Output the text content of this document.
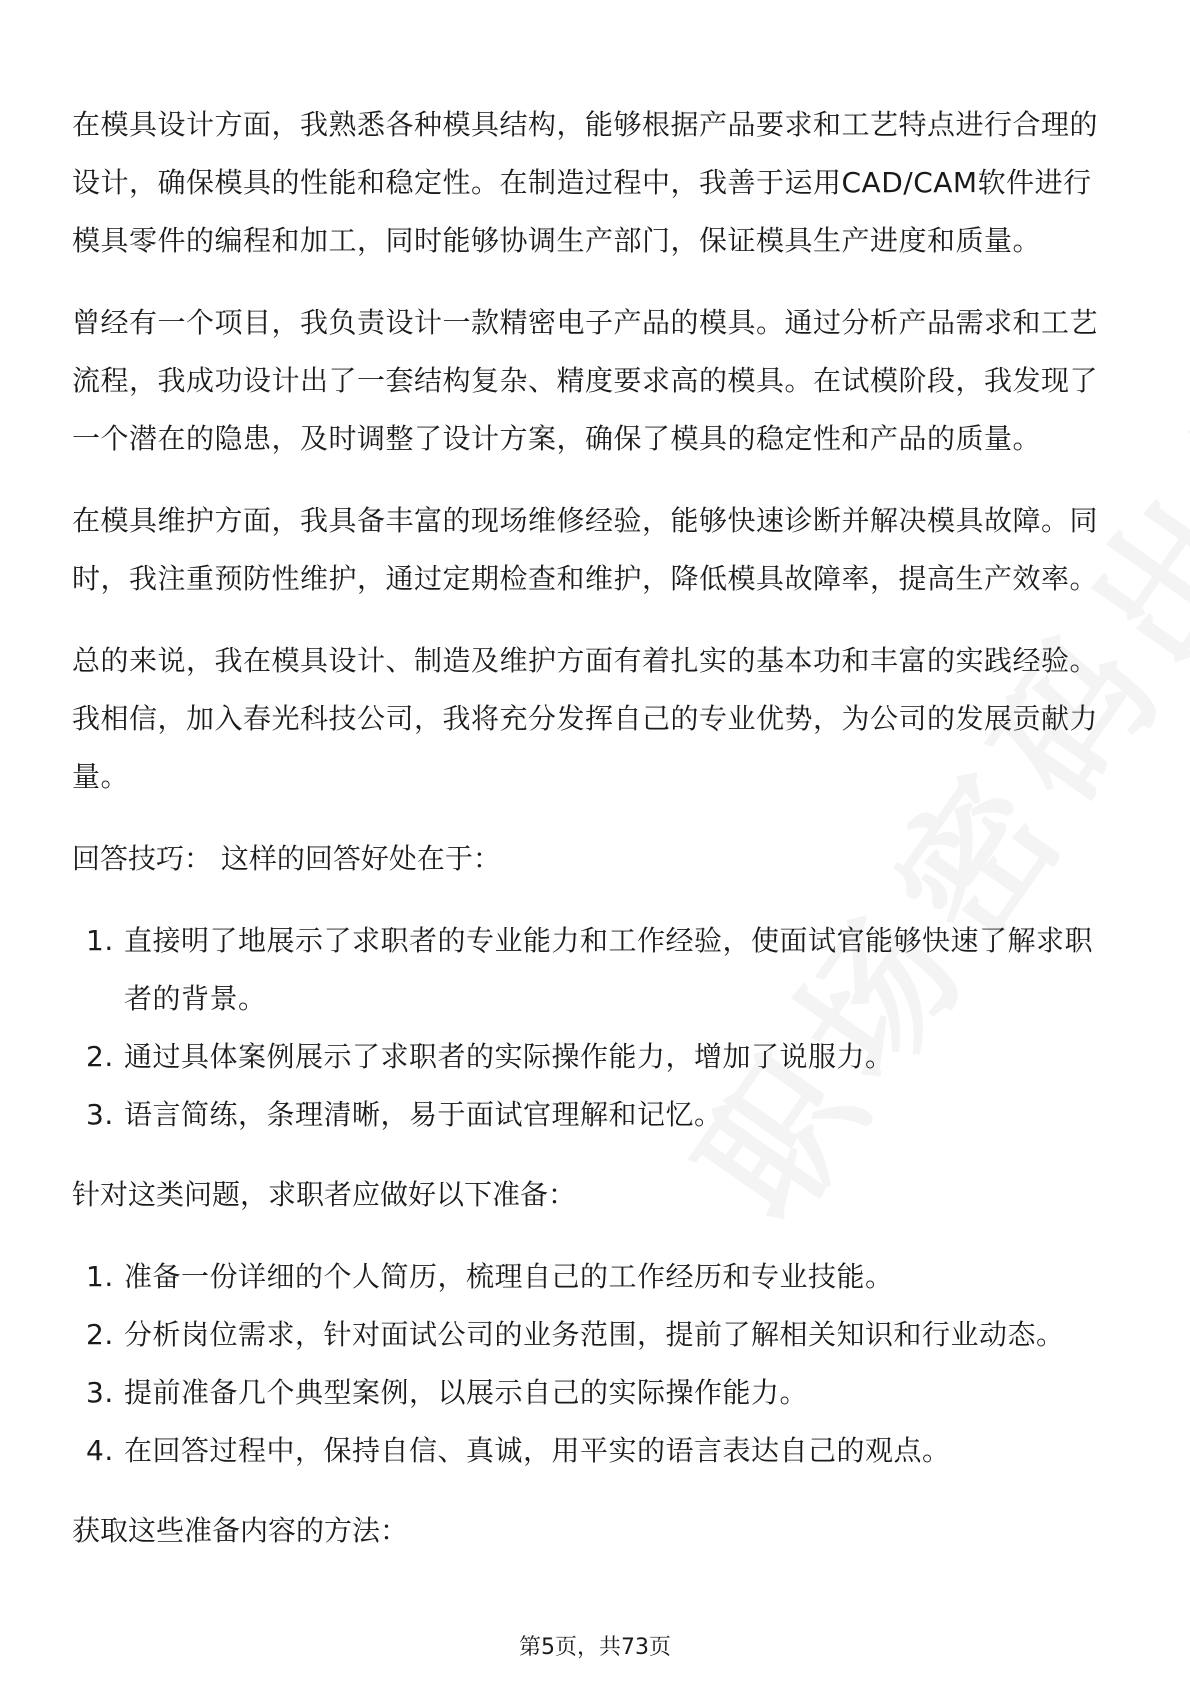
在模具设计方面，我熟悉各种模具结构，能够根据产品要求和工艺特点进行合理的设计，确保模具的性能和稳定性。在制造过程中，我善于运用CAD/CAM软件进行模具零件的编程和加工，同时能够协调生产部门，保证模具生产进度和质量。

曾经有一个项目，我负责设计一款精密电子产品的模具。通过分析产品需求和工艺流程，我成功设计出了一套结构复杂、精度要求高的模具。在试模阶段，我发现了一个潜在的隐患，及时调整了设计方案，确保了模具的稳定性和产品的质量。

在模具维护方面，我具备丰富的现场维修经验，能够快速诊断并解决模具故障。同时，我注重预防性维护，通过定期检查和维护，降低模具故障率，提高生产效率。

总的来说，我在模具设计、制造及维护方面有着扎实的基本功和丰富的实践经验。我相信，加入春光科技公司，我将充分发挥自己的专业优势，为公司的发展贡献力量。

回答技巧： 这样的回答好处在于：

1. 直接明了地展示了求职者的专业能力和工作经验，使面试官能够快速了解求职者的背景。
2. 通过具体案例展示了求职者的实际操作能力，增加了说服力。
3. 语言简练，条理清晰，易于面试官理解和记忆。

针对这类问题，求职者应做好以下准备：

1. 准备一份详细的个人简历，梳理自己的工作经历和专业技能。
2. 分析岗位需求，针对面试公司的业务范围，提前了解相关知识和行业动态。
3. 提前准备几个典型案例，以展示自己的实际操作能力。
4. 在回答过程中，保持自信、真诚，用平实的语言表达自己的观点。

获取这些准备内容的方法：

第5页，共73页
